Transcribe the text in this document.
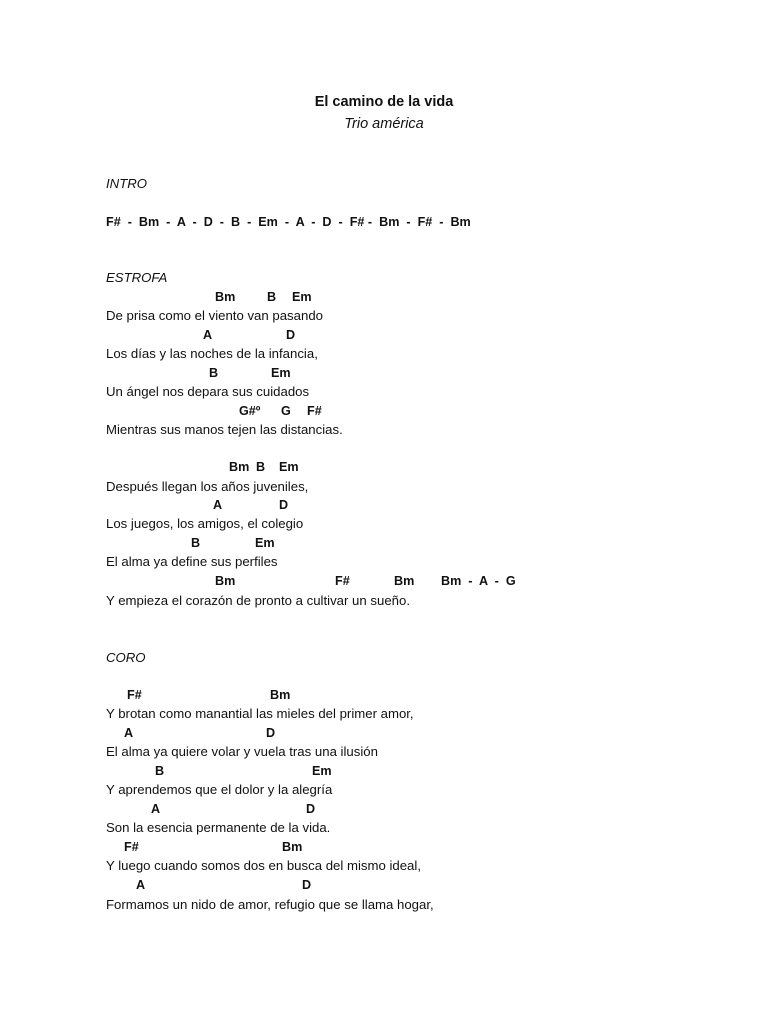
El camino de la vida
Trio américa
INTRO
F#  -  Bm  -  A  -  D  -  B  -  Em  -  A  -  D  -  F# -  Bm  -  F#  -  Bm
ESTROFA
Bm	B Em
De prisa como el viento van pasando
A	D
Los días y las noches de la infancia,
B	Em
Un ángel nos depara sus cuidados
G#º G F#
Mientras sus manos tejen las distancias.
Bm B Em
Después llegan los años juveniles,
A	D
Los juegos, los amigos, el colegio
B	Em
El alma ya define sus perfiles
Bm	F#	Bm Bm  -  A  -  G
Y empieza el corazón de pronto a cultivar un sueño.
CORO
F#	Bm
Y brotan como manantial las mieles del primer amor,
A	D
El alma ya quiere volar y vuela tras una ilusión
B	Em
Y aprendemos que el dolor y la alegría
A	D
Son la esencia permanente de la vida.
F#	Bm
Y luego cuando somos dos en busca del mismo ideal,
A	D
Formamos un nido de amor, refugio que se llama hogar,
